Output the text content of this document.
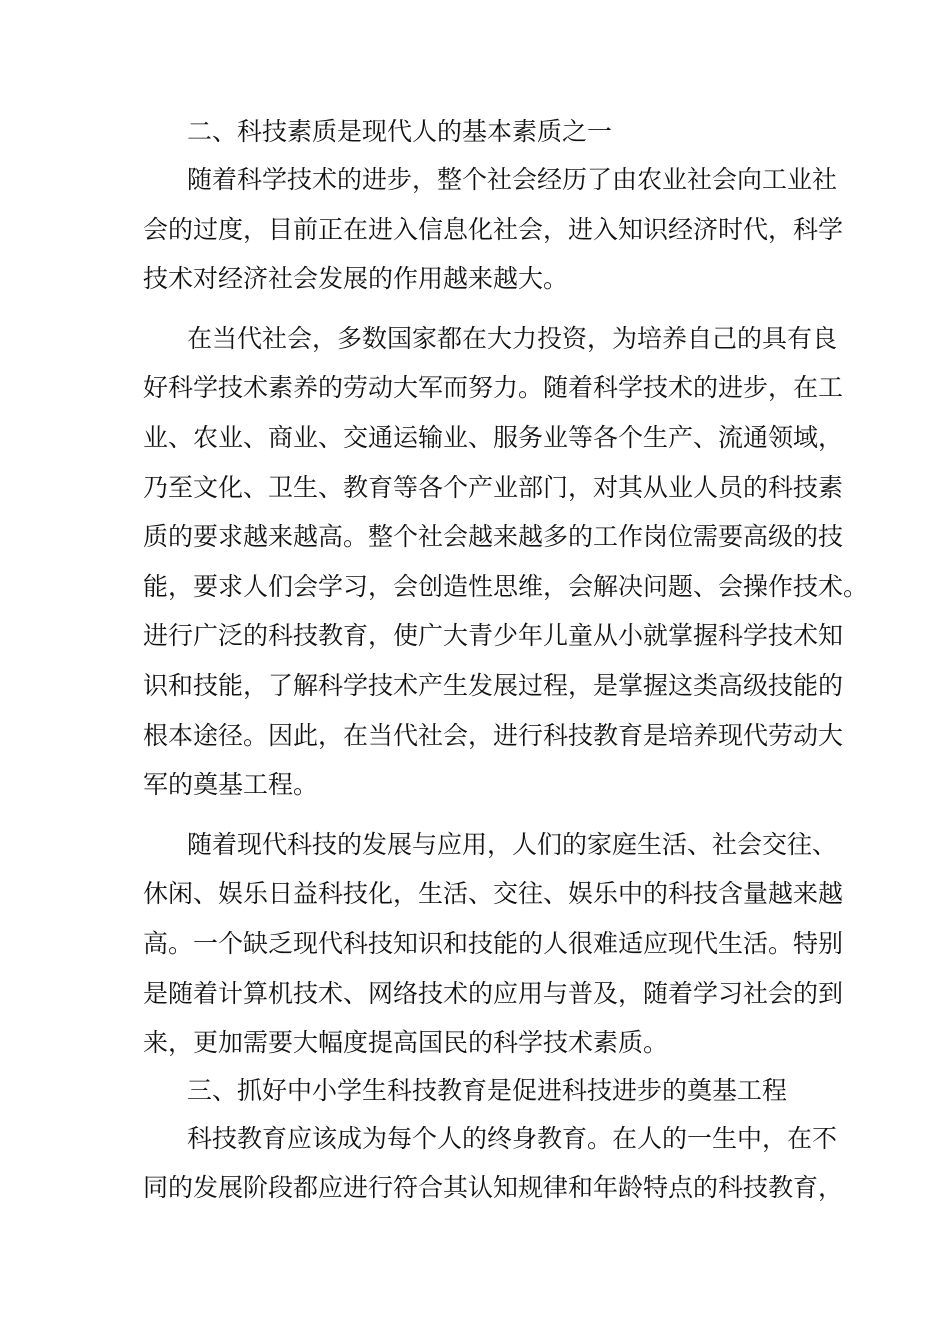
二、科技素质是现代人的基本素质之一
随着科学技术的进步，整个社会经历了由农业社会向工业社
会的过度，目前正在进入信息化社会，进入知识经济时代，科学
技术对经济社会发展的作用越来越大。
在当代社会，多数国家都在大力投资，为培养自己的具有良
好科学技术素养的劳动大军而努力。随着科学技术的进步，在工
业、农业、商业、交通运输业、服务业等各个生产、流通领域，
乃至文化、卫生、教育等各个产业部门，对其从业人员的科技素
质的要求越来越高。整个社会越来越多的工作岗位需要高级的技
能，要求人们会学习，会创造性思维，会解决问题、会操作技术。
进行广泛的科技教育，使广大青少年儿童从小就掌握科学技术知
识和技能，了解科学技术产生发展过程，是掌握这类高级技能的
根本途径。因此，在当代社会，进行科技教育是培养现代劳动大
军的奠基工程。
随着现代科技的发展与应用，人们的家庭生活、社会交往、
休闲、娱乐日益科技化，生活、交往、娱乐中的科技含量越来越
高。一个缺乏现代科技知识和技能的人很难适应现代生活。特别
是随着计算机技术、网络技术的应用与普及，随着学习社会的到
来，更加需要大幅度提高国民的科学技术素质。
三、抓好中小学生科技教育是促进科技进步的奠基工程
科技教育应该成为每个人的终身教育。在人的一生中，在不
同的发展阶段都应进行符合其认知规律和年龄特点的科技教育，
